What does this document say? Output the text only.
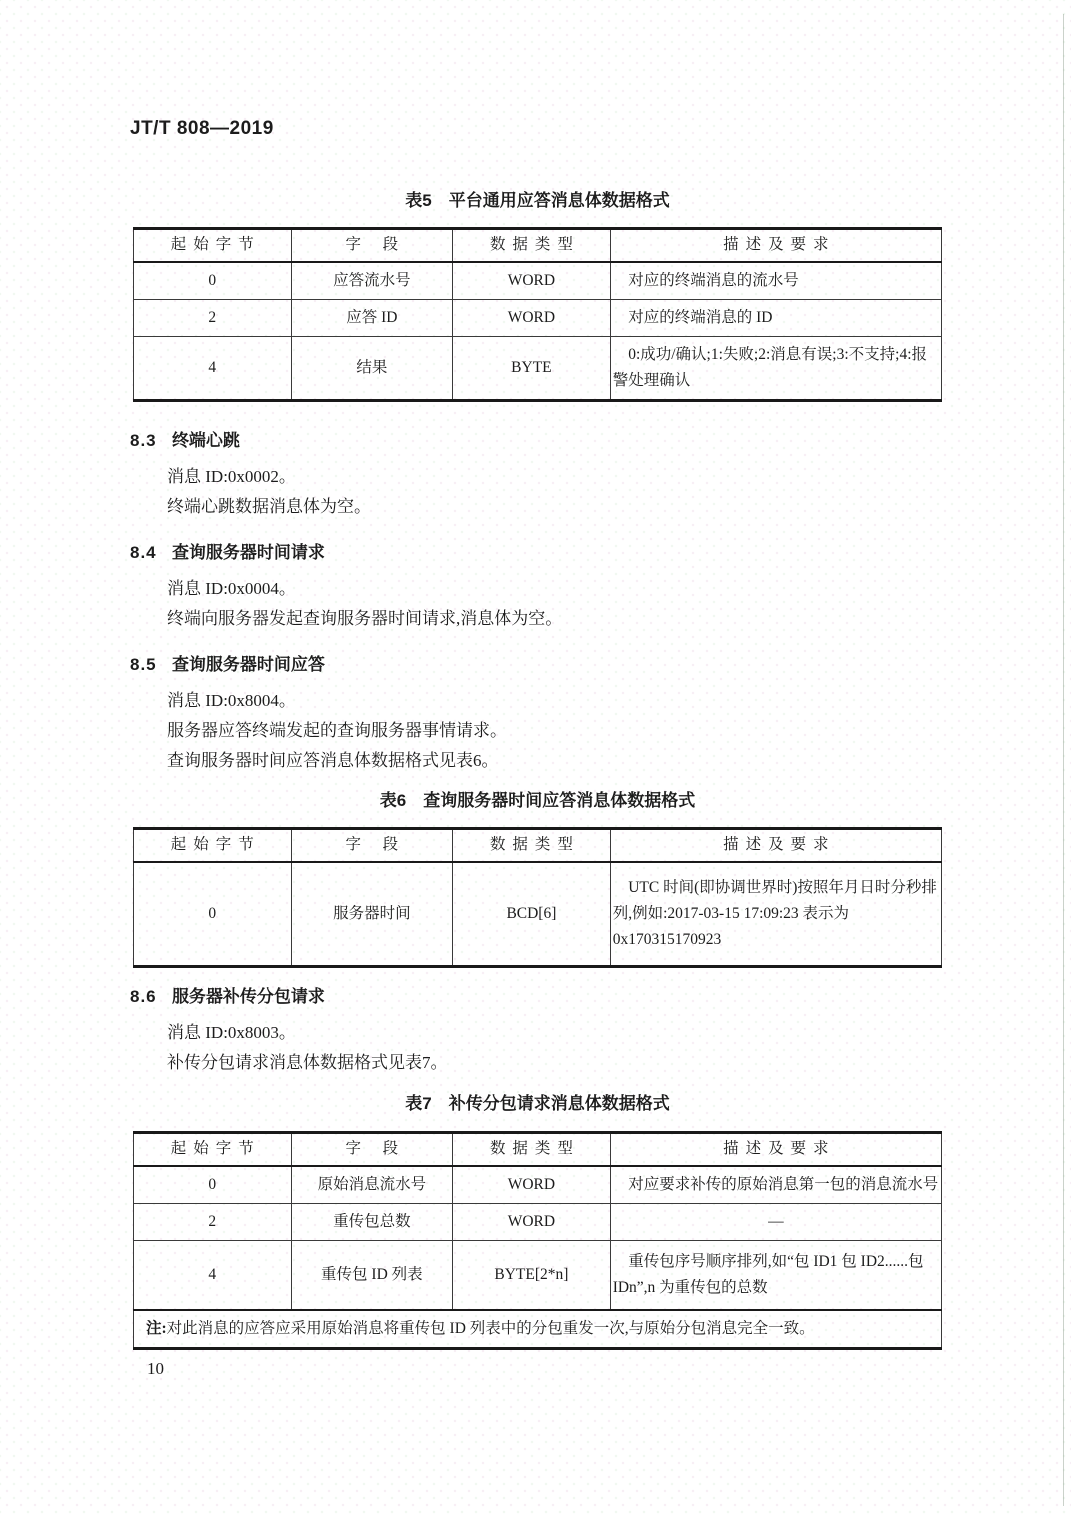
JT/T 808—2019
表5 平台通用应答消息体数据格式
起始字节	字段	数据类型	描述及要求
0	应答流水号	WORD	对应的终端消息的流水号
2	应答 ID	WORD	对应的终端消息的 ID
4	结果	BYTE	0:成功/确认;1:失败;2:消息有误;3:不支持;4:报警处理确认
8.3 终端心跳

消息 ID:0x0002。

终端心跳数据消息体为空。

8.4 查询服务器时间请求

消息 ID:0x0004。

终端向服务器发起查询服务器时间请求,消息体为空。

8.5 查询服务器时间应答

消息 ID:0x8004。

服务器应答终端发起的查询服务器事情请求。

查询服务器时间应答消息体数据格式见表6。

表6 查询服务器时间应答消息体数据格式
起始字节	字段	数据类型	描述及要求
0	服务器时间	BCD[6]	UTC 时间(即协调世界时)按照年月日时分秒排列,例如:2017-03-15 17:09:23 表示为 0x170315170923
8.6 服务器补传分包请求

消息 ID:0x8003。

补传分包请求消息体数据格式见表7。

表7 补传分包请求消息体数据格式
起始字节	字段	数据类型	描述及要求
0	原始消息流水号	WORD	对应要求补传的原始消息第一包的消息流水号
2	重传包总数	WORD	—
4	重传包 ID 列表	BYTE[2*n]	重传包序号顺序排列,如“包 ID1 包 ID2......包 IDn”,n 为重传包的总数
注:对此消息的应答应采用原始消息将重传包 ID 列表中的分包重发一次,与原始分包消息完全一致。			
10
